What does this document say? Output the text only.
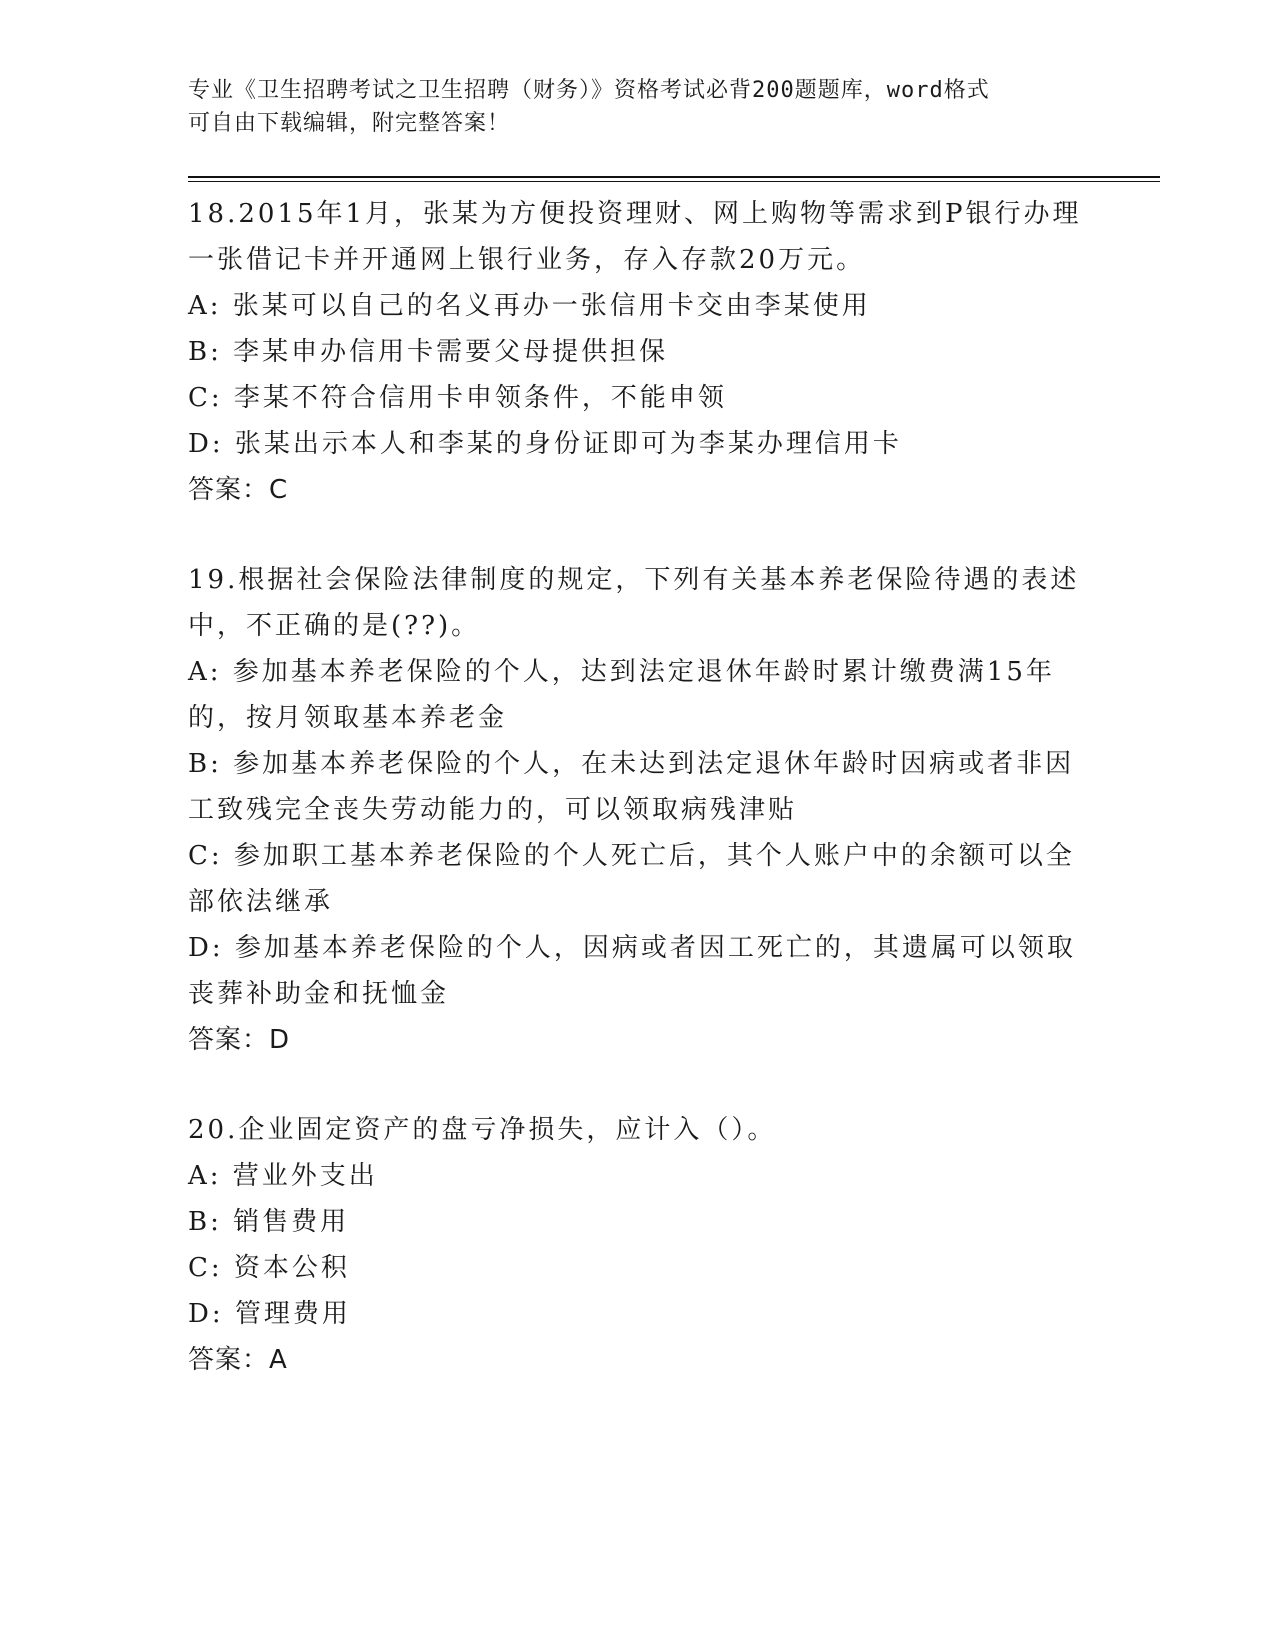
专业《卫生招聘考试之卫生招聘（财务）》资格考试必背200题题库，word格式
可自由下载编辑，附完整答案！
18.2015年1月，张某为方便投资理财、网上购物等需求到P银行办理
一张借记卡并开通网上银行业务，存入存款20万元。
A: 张某可以自己的名义再办一张信用卡交由李某使用
B: 李某申办信用卡需要父母提供担保
C: 李某不符合信用卡申领条件，不能申领
D: 张某出示本人和李某的身份证即可为李某办理信用卡
答案：C
19.根据社会保险法律制度的规定，下列有关基本养老保险待遇的表述
中，不正确的是(??)。
A: 参加基本养老保险的个人，达到法定退休年龄时累计缴费满15年
的，按月领取基本养老金
B: 参加基本养老保险的个人，在未达到法定退休年龄时因病或者非因
工致残完全丧失劳动能力的，可以领取病残津贴
C: 参加职工基本养老保险的个人死亡后，其个人账户中的余额可以全
部依法继承
D: 参加基本养老保险的个人，因病或者因工死亡的，其遗属可以领取
丧葬补助金和抚恤金
答案：D
20.企业固定资产的盘亏净损失，应计入（）。
A: 营业外支出
B: 销售费用
C: 资本公积
D: 管理费用
答案：A
